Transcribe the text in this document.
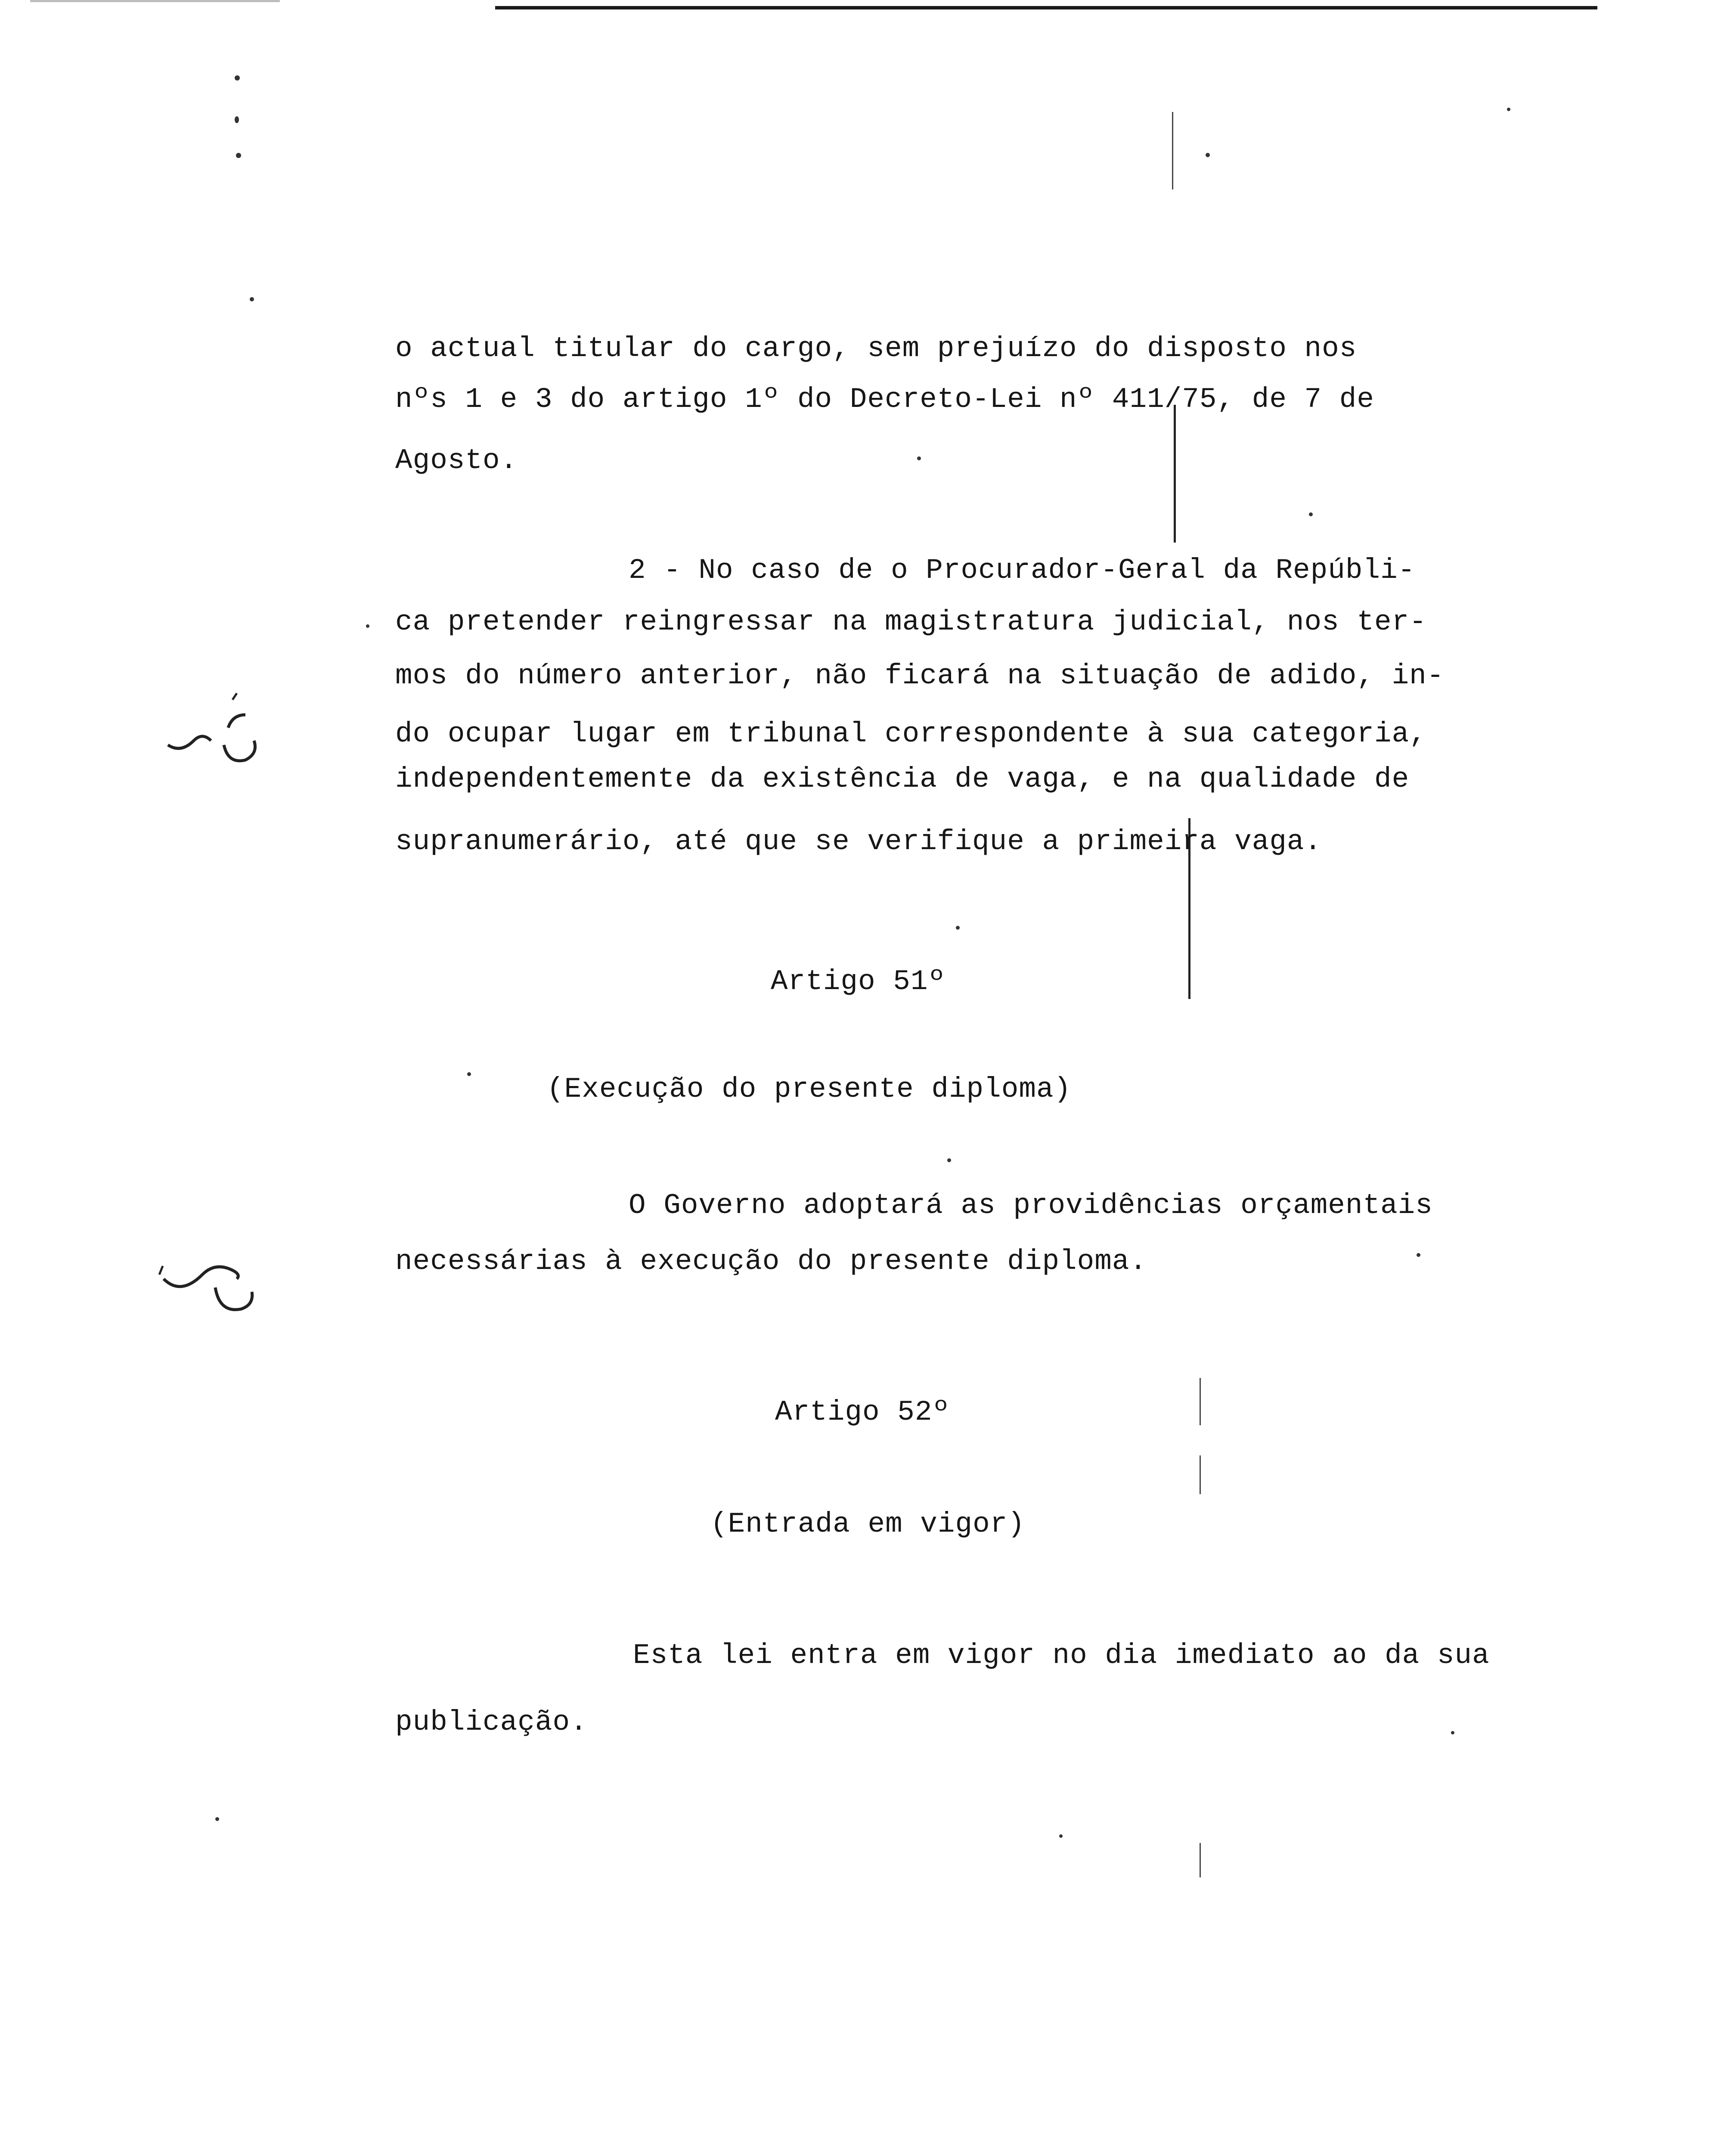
o actual titular do cargo, sem prejuízo do disposto nos
nºs 1 e 3 do artigo 1º do Decreto-Lei nº 411/75, de 7 de
Agosto.
2 - No caso de o Procurador-Geral da Repúbli-
ca pretender reingressar na magistratura judicial, nos ter-
mos do número anterior, não ficará na situação de adido, in-
do ocupar lugar em tribunal correspondente à sua categoria,
independentemente da existência de vaga, e na qualidade de
supranumerário, até que se verifique a primeira vaga.
Artigo 51º
(Execução do presente diploma)
O Governo adoptará as providências orçamentais
necessárias à execução do presente diploma.
Artigo 52º
(Entrada em vigor)
Esta lei entra em vigor no dia imediato ao da sua
publicação.
